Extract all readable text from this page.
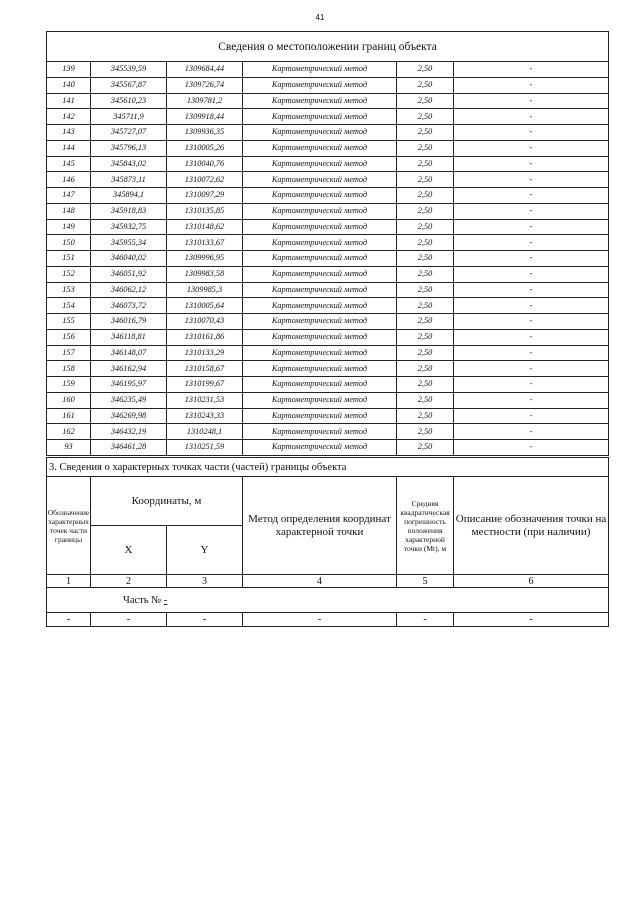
41
Сведения о местоположении границ объекта					
139	345539,59	1309684,44	Картометрический метод	2,50	-
140	345567,87	1309726,74	Картометрический метод	2,50	-
141	345610,23	1309781,2	Картометрический метод	2,50	-
142	345711,9	1309918,44	Картометрический метод	2,50	-
143	345727,07	1309936,35	Картометрический метод	2,50	-
144	345796,13	1310005,26	Картометрический метод	2,50	-
145	345843,02	1310040,76	Картометрический метод	2,50	-
146	345873,11	1310072,62	Картометрический метод	2,50	-
147	345894,1	1310097,29	Картометрический метод	2,50	-
148	345918,83	1310135,85	Картометрический метод	2,50	-
149	345932,75	1310148,62	Картометрический метод	2,50	-
150	345955,34	1310133,67	Картометрический метод	2,50	-
151	346040,02	1309996,95	Картометрический метод	2,50	-
152	346051,92	1309983,58	Картометрический метод	2,50	-
153	346062,12	1309985,3	Картометрический метод	2,50	-
154	346073,72	1310005,64	Картометрический метод	2,50	-
155	346016,79	1310070,43	Картометрический метод	2,50	-
156	346118,81	1310161,86	Картометрический метод	2,50	-
157	346148,07	1310133,29	Картометрический метод	2,50	-
158	346162,94	1310158,67	Картометрический метод	2,50	-
159	346195,97	1310199,67	Картометрический метод	2,50	-
160	346235,49	1310231,53	Картометрический метод	2,50	-
161	346269,98	1310243,33	Картометрический метод	2,50	-
162	346432,19	1310248,1	Картометрический метод	2,50	-
93	346461,28	1310251,59	Картометрический метод	2,50	-
3. Сведения о характерных точках части (частей) границы объекта					
Обозначение характерных точек части границы	Координаты, м		Метод определения координат характерной точки	Средняя квадратическая погрешность положения характерной точки (Mt), м	Описание обозначения точки на местности (при наличии)
	X	Y			
1	2	3	4	5	6
Часть № -					
-	-	-	-	-	-
